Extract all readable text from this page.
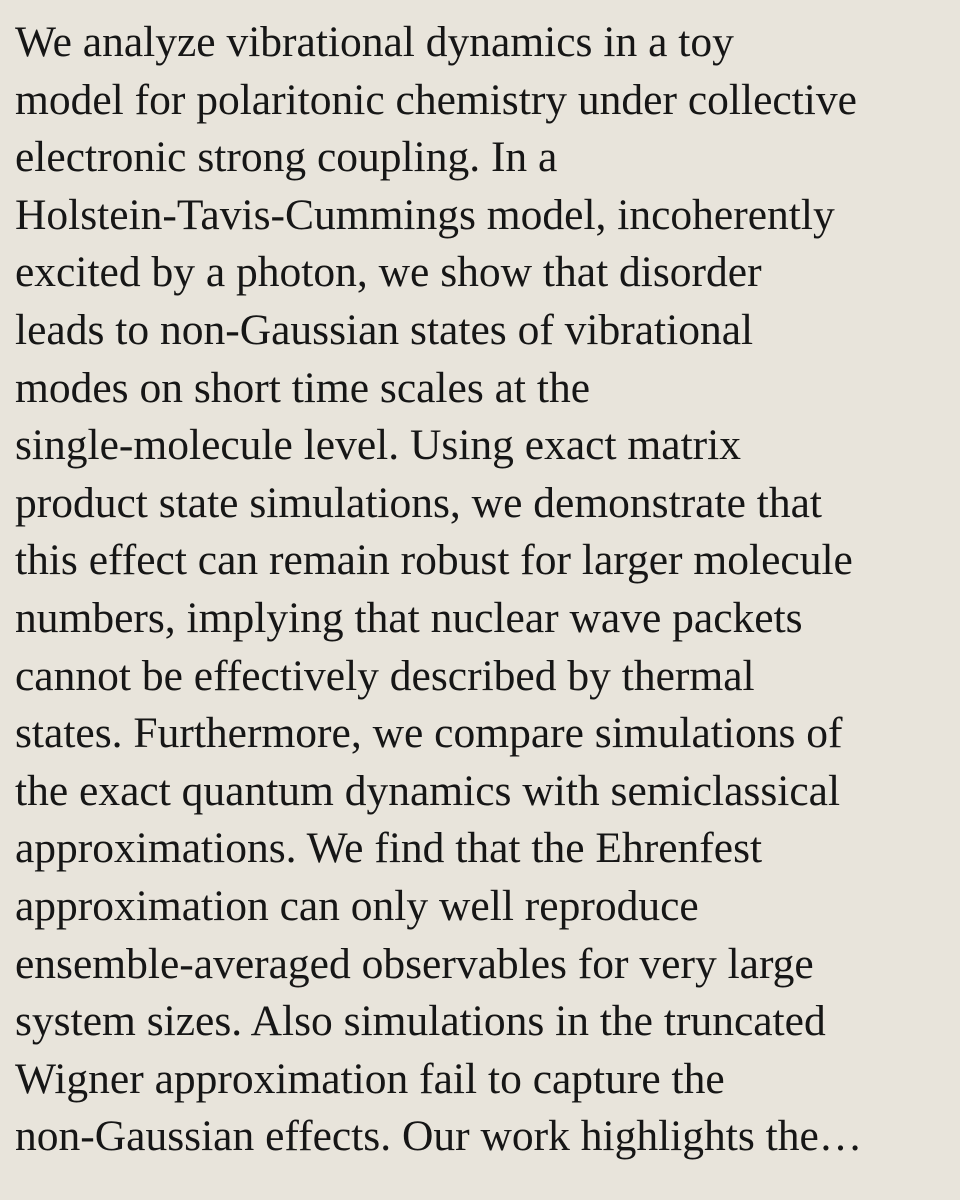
We analyze vibrational dynamics in a toy
model for polaritonic chemistry under collective
electronic strong coupling. In a
Holstein-Tavis-Cummings model, incoherently
excited by a photon, we show that disorder
leads to non-Gaussian states of vibrational
modes on short time scales at the
single-molecule level. Using exact matrix
product state simulations, we demonstrate that
this effect can remain robust for larger molecule
numbers, implying that nuclear wave packets
cannot be effectively described by thermal
states. Furthermore, we compare simulations of
the exact quantum dynamics with semiclassical
approximations. We find that the Ehrenfest
approximation can only well reproduce
ensemble-averaged observables for very large
system sizes. Also simulations in the truncated
Wigner approximation fail to capture the
non-Gaussian effects. Our work highlights the…
